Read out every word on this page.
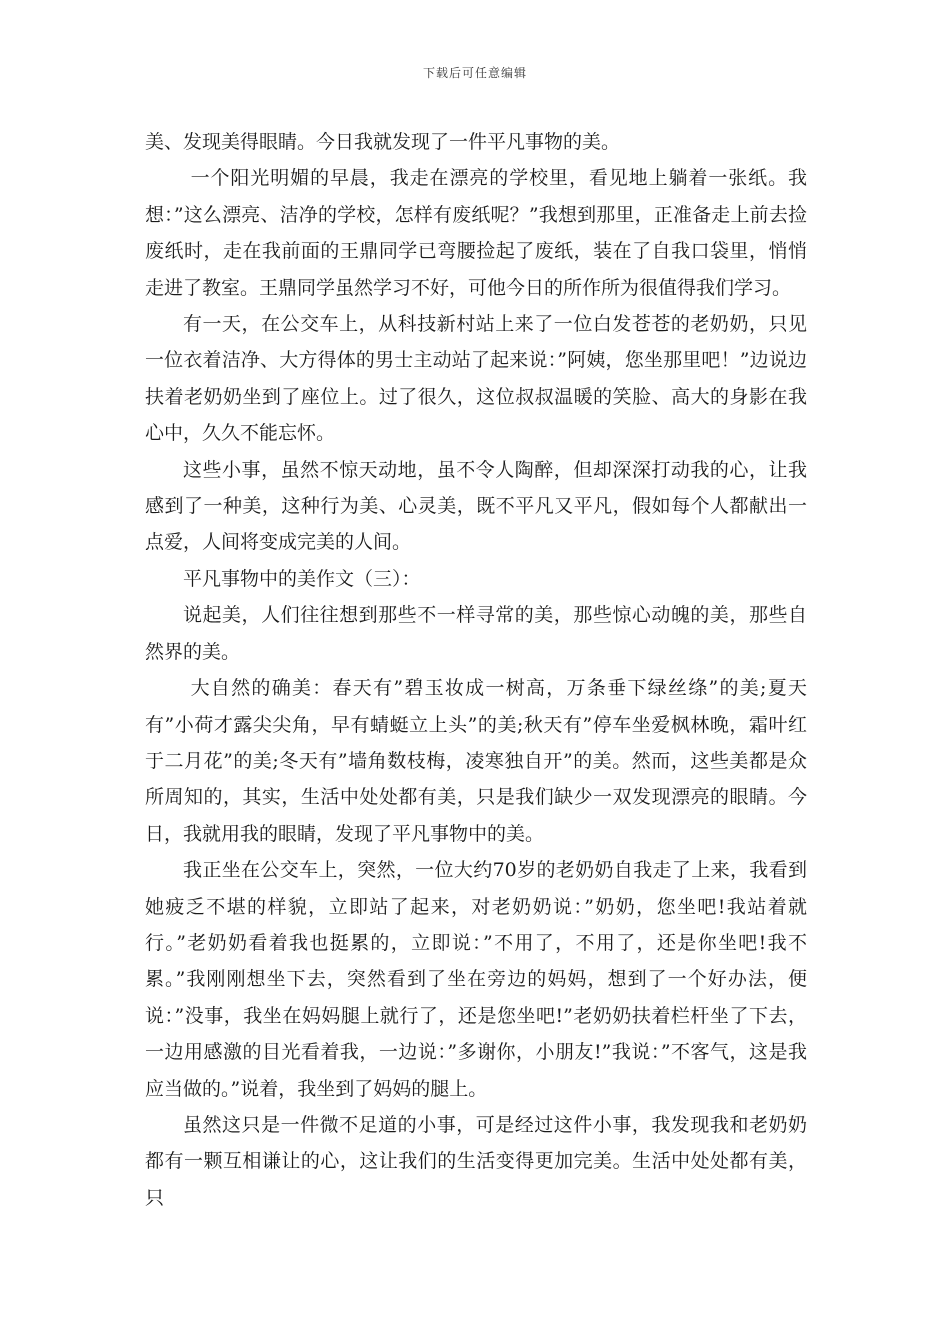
下载后可任意编辑

美、发现美得眼睛。今日我就发现了一件平凡事物的美。

一个阳光明媚的早晨，我走在漂亮的学校里，看见地上躺着一张纸。我想：”这么漂亮、洁净的学校，怎样有废纸呢？”我想到那里，正准备走上前去捡废纸时，走在我前面的王鼎同学已弯腰捡起了废纸，装在了自我口袋里，悄悄走进了教室。王鼎同学虽然学习不好，可他今日的所作所为很值得我们学习。

有一天，在公交车上，从科技新村站上来了一位白发苍苍的老奶奶，只见一位衣着洁净、大方得体的男士主动站了起来说：”阿姨，您坐那里吧！”边说边扶着老奶奶坐到了座位上。过了很久，这位叔叔温暖的笑脸、高大的身影在我心中，久久不能忘怀。

这些小事，虽然不惊天动地，虽不令人陶醉，但却深深打动我的心，让我感到了一种美，这种行为美、心灵美，既不平凡又平凡，假如每个人都献出一点爱，人间将变成完美的人间。

平凡事物中的美作文（三）：

说起美，人们往往想到那些不一样寻常的美，那些惊心动魄的美，那些自然界的美。

大自然的确美：春天有”碧玉妆成一树高，万条垂下绿丝绦”的美;夏天有”小荷才露尖尖角，早有蜻蜓立上头”的美;秋天有”停车坐爱枫林晚，霜叶红于二月花”的美;冬天有”墙角数枝梅，凌寒独自开”的美。然而，这些美都是众所周知的，其实，生活中处处都有美，只是我们缺少一双发现漂亮的眼睛。今日，我就用我的眼睛，发现了平凡事物中的美。

我正坐在公交车上，突然，一位大约70岁的老奶奶自我走了上来，我看到她疲乏不堪的样貌，立即站了起来，对老奶奶说：”奶奶，您坐吧!我站着就行。”老奶奶看着我也挺累的，立即说：”不用了，不用了，还是你坐吧!我不累。”我刚刚想坐下去，突然看到了坐在旁边的妈妈，想到了一个好办法，便说：”没事，我坐在妈妈腿上就行了，还是您坐吧!”老奶奶扶着栏杆坐了下去，一边用感激的目光看着我，一边说：”多谢你，小朋友!”我说：”不客气，这是我应当做的。”说着，我坐到了妈妈的腿上。

虽然这只是一件微不足道的小事，可是经过这件小事，我发现我和老奶奶都有一颗互相谦让的心，这让我们的生活变得更加完美。生活中处处都有美，只
